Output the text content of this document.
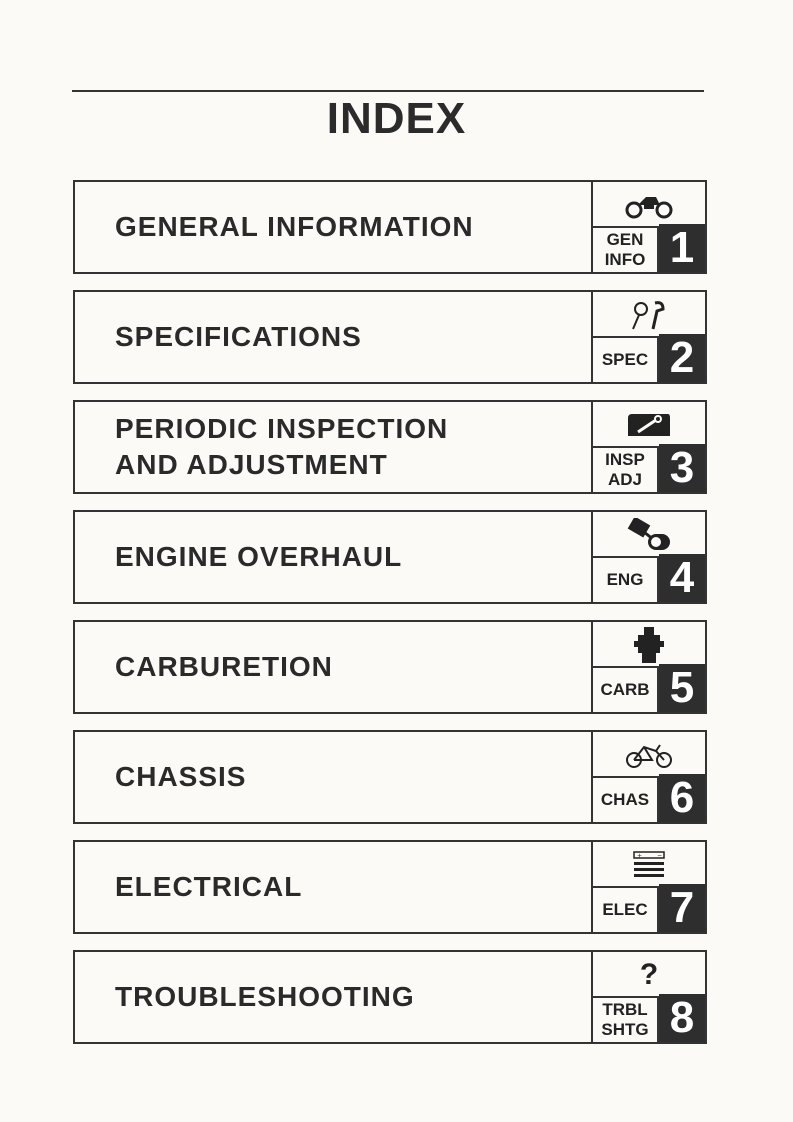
INDEX
GENERAL INFORMATION	GEN
INFO 1
SPECIFICATIONS
SPEC 2
PERIODIC INSPECTION
AND ADJUSTMENT	INSP
ADJ 3
ENGINE OVERHAUL
ENG 4
CARBURETION
CARB 5
CHASSIS
CHAS 6
ELECTRICAL
+ −
ELEC 7
TROUBLESHOOTING
?
TRBL
SHTG 8
